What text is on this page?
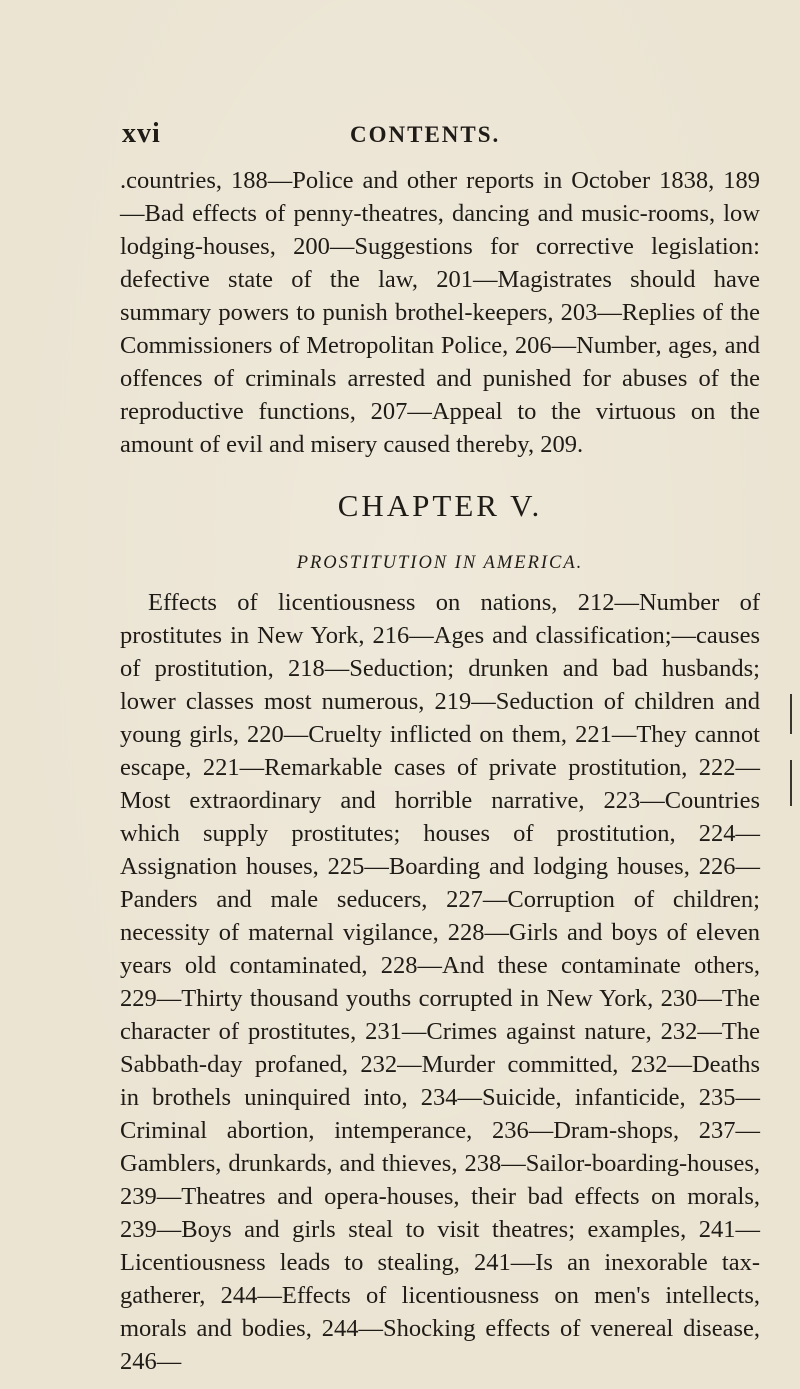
xvi	CONTENTS.

.countries, 188—Police and other reports in October 1838, 189—Bad effects of penny-theatres, dancing and music-rooms, low lodging-houses, 200—Suggestions for corrective legislation: defective state of the law, 201—Magistrates should have summary powers to punish brothel-keepers, 203—Replies of the Commissioners of Metropolitan Police, 206—Number, ages, and offences of criminals arrested and punished for abuses of the reproductive functions, 207—Appeal to the virtuous on the amount of evil and misery caused thereby, 209.

CHAPTER V.
PROSTITUTION IN AMERICA.

Effects of licentiousness on nations, 212—Number of prostitutes in New York, 216—Ages and classification;—causes of prostitution, 218—Seduction; drunken and bad husbands; lower classes most numerous, 219—Seduction of children and young girls, 220—Cruelty inflicted on them, 221—They cannot escape, 221—Remarkable cases of private prostitution, 222—Most extraordinary and horrible narrative, 223—Countries which supply prostitutes; houses of prostitution, 224—Assignation houses, 225—Boarding and lodging houses, 226—Panders and male seducers, 227—Corruption of children; necessity of maternal vigilance, 228—Girls and boys of eleven years old contaminated, 228—And these contaminate others, 229—Thirty thousand youths corrupted in New York, 230—The character of prostitutes, 231—Crimes against nature, 232—The Sabbath-day profaned, 232—Murder committed, 232—Deaths in brothels uninquired into, 234—Suicide, infanticide, 235—Criminal abortion, intemperance, 236—Dram-shops, 237—Gamblers, drunkards, and thieves, 238—Sailor-boarding-houses, 239—Theatres and opera-houses, their bad effects on morals, 239—Boys and girls steal to visit theatres; examples, 241—Licentiousness leads to stealing, 241—Is an inexorable tax-gatherer, 244—Effects of licentiousness on men's intellects, morals and bodies, 244—Shocking effects of venereal disease, 246—
